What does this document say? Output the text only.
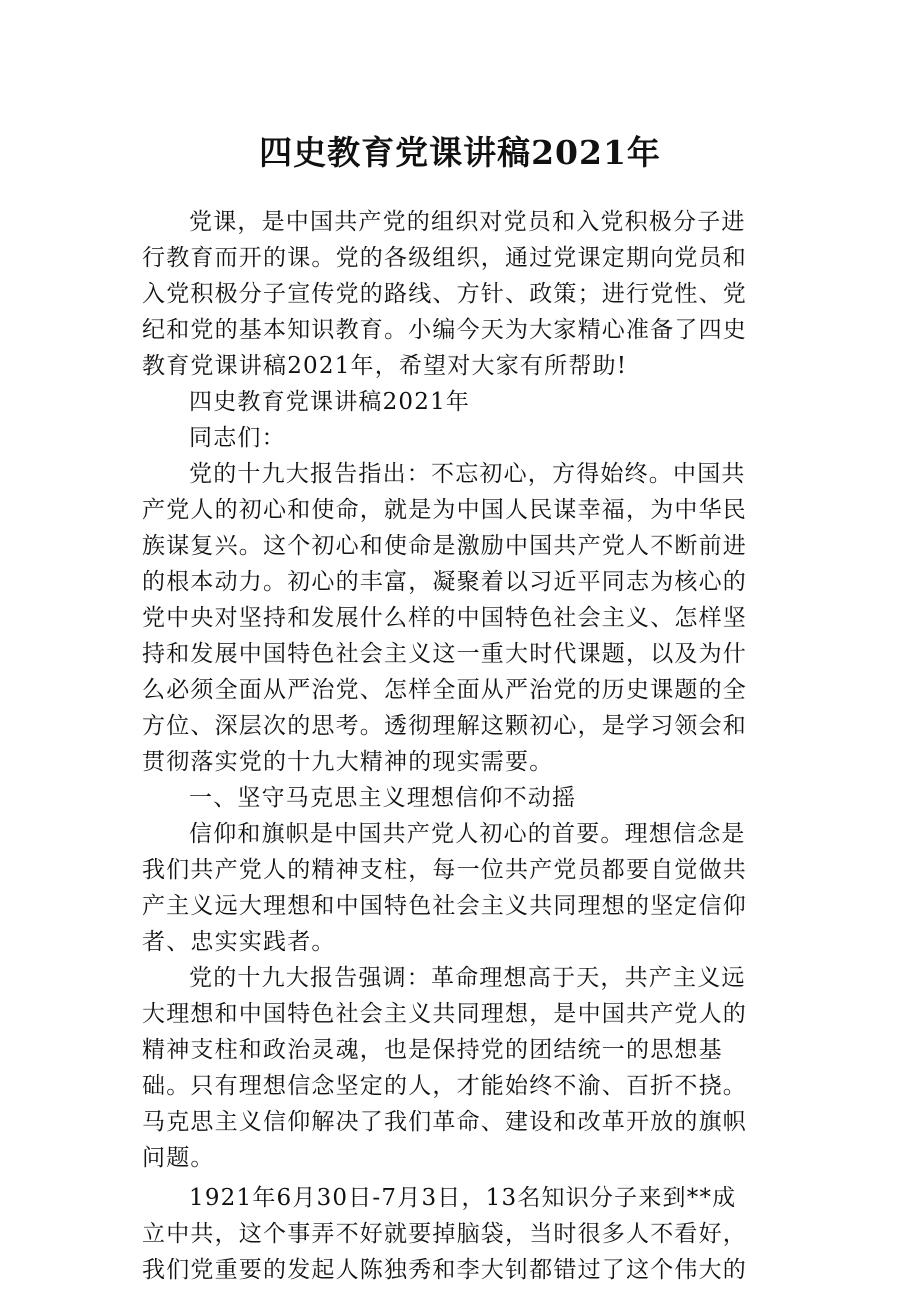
四史教育党课讲稿2021年
党课，是中国共产党的组织对党员和入党积极分子进
行教育而开的课。党的各级组织，通过党课定期向党员和
入党积极分子宣传党的路线、方针、政策；进行党性、党
纪和党的基本知识教育。小编今天为大家精心准备了四史
教育党课讲稿2021年，希望对大家有所帮助!
四史教育党课讲稿2021年
同志们：
党的十九大报告指出：不忘初心，方得始终。中国共
产党人的初心和使命，就是为中国人民谋幸福，为中华民
族谋复兴。这个初心和使命是激励中国共产党人不断前进
的根本动力。初心的丰富，凝聚着以习近平同志为核心的
党中央对坚持和发展什么样的中国特色社会主义、怎样坚
持和发展中国特色社会主义这一重大时代课题，以及为什
么必须全面从严治党、怎样全面从严治党的历史课题的全
方位、深层次的思考。透彻理解这颗初心，是学习领会和
贯彻落实党的十九大精神的现实需要。
一、坚守马克思主义理想信仰不动摇
信仰和旗帜是中国共产党人初心的首要。理想信念是
我们共产党人的精神支柱，每一位共产党员都要自觉做共
产主义远大理想和中国特色社会主义共同理想的坚定信仰
者、忠实实践者。
党的十九大报告强调：革命理想高于天，共产主义远
大理想和中国特色社会主义共同理想，是中国共产党人的
精神支柱和政治灵魂，也是保持党的团结统一的思想基
础。只有理想信念坚定的人，才能始终不渝、百折不挠。
马克思主义信仰解决了我们革命、建设和改革开放的旗帜
问题。
1921年6月30日-7月3日，13名知识分子来到**成
立中共，这个事弄不好就要掉脑袋，当时很多人不看好，
我们党重要的发起人陈独秀和李大钊都错过了这个伟大的
